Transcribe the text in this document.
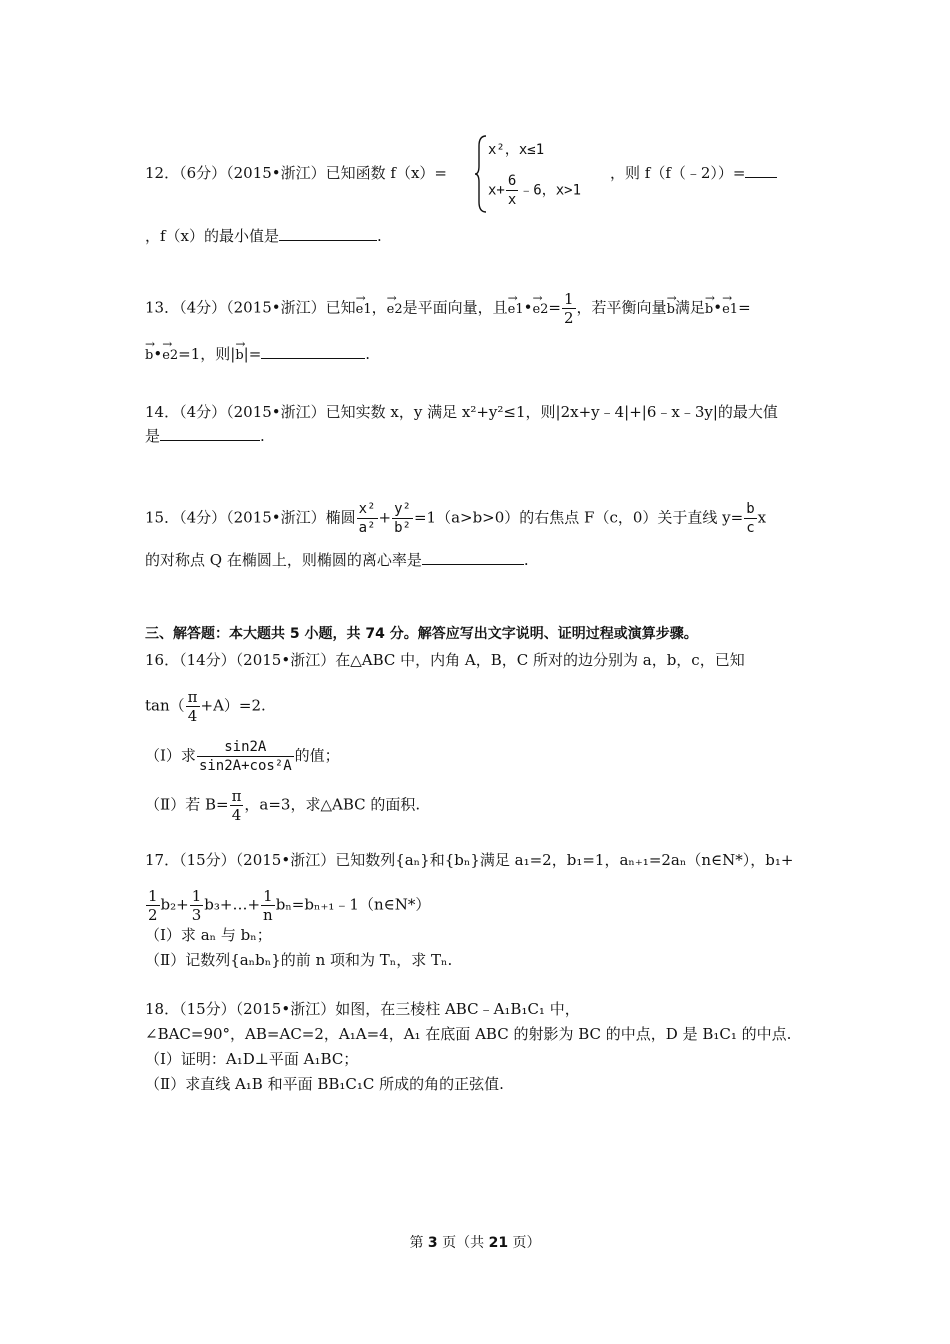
12．（6分）（2015•浙江）已知函数 f（x）=
x²，x≤1
$x+ \frac{6}{x}$ ﹣6，x>1
，则 f（f（﹣2））=
，f（x）的最小值是	.
13．（4分）（2015•浙江）已知→ e1，→ e2是平面向量，且→ e1•→ $e2= \frac{1}{2}$ ，若平衡向量→ b满足→ b•→ e1=
→ b•→ e2=1，则|→ b|=	.
14．（4分）（2015•浙江）已知实数 x，y 满足 x²+y²≤1，则|2x+y﹣4|+|6﹣x﹣3y|的最大值
是	.
15．（4分）（2015•浙江）椭圆 $\frac{\text{x²}}{\text{a²}} + \frac{\text{y²}}{\text{b²}} =1(a>b>0)$的右焦点 F（c，0）关于直线 $y= \frac{b}{c}$ x
的对称点 Q 在椭圆上，则椭圆的离心率是	.
三、解答题：本大题共 5 小题，共 74 分。解答应写出文字说明、证明过程或演算步骤。
16．（14分）（2015•浙江）在△ABC 中，内角 A，B，C 所对的边分别为 a，b，c，已知
$\tan( \frac{\pi}{4} +A)=2$.
（Ⅰ）求 $\frac{\sin 2A}{\text{sin2A+cos²A}}$ 的值；
（Ⅱ）若 $B= \frac{\pi}{4}$ ，a=3，求△ABC 的面积.
17．（15分）（2015•浙江）已知数列{aₙ}和{bₙ}满足 a₁=2，b₁=1，aₙ₊₁=2aₙ（n∈N*），b₁+
$\frac{1}{2} b_2+ \frac{1}{3}$ b₃+…+ $\frac{1}{n}$ bₙ=bₙ₊₁﹣1（n∈N*）
（Ⅰ）求 aₙ 与 bₙ；
（Ⅱ）记数列{aₙbₙ}的前 n 项和为 Tₙ，求 Tₙ.
18．（15分）（2015•浙江）如图，在三棱柱 ABC﹣A₁B₁C₁ 中，
∠BAC=90°，AB=AC=2，A₁A=4，A₁ 在底面 ABC 的射影为 BC 的中点，D 是 B₁C₁ 的中点.
（Ⅰ）证明：A₁D⊥平面 A₁BC；
（Ⅱ）求直线 A₁B 和平面 BB₁C₁C 所成的角的正弦值.
第 3 页（共 21 页）
